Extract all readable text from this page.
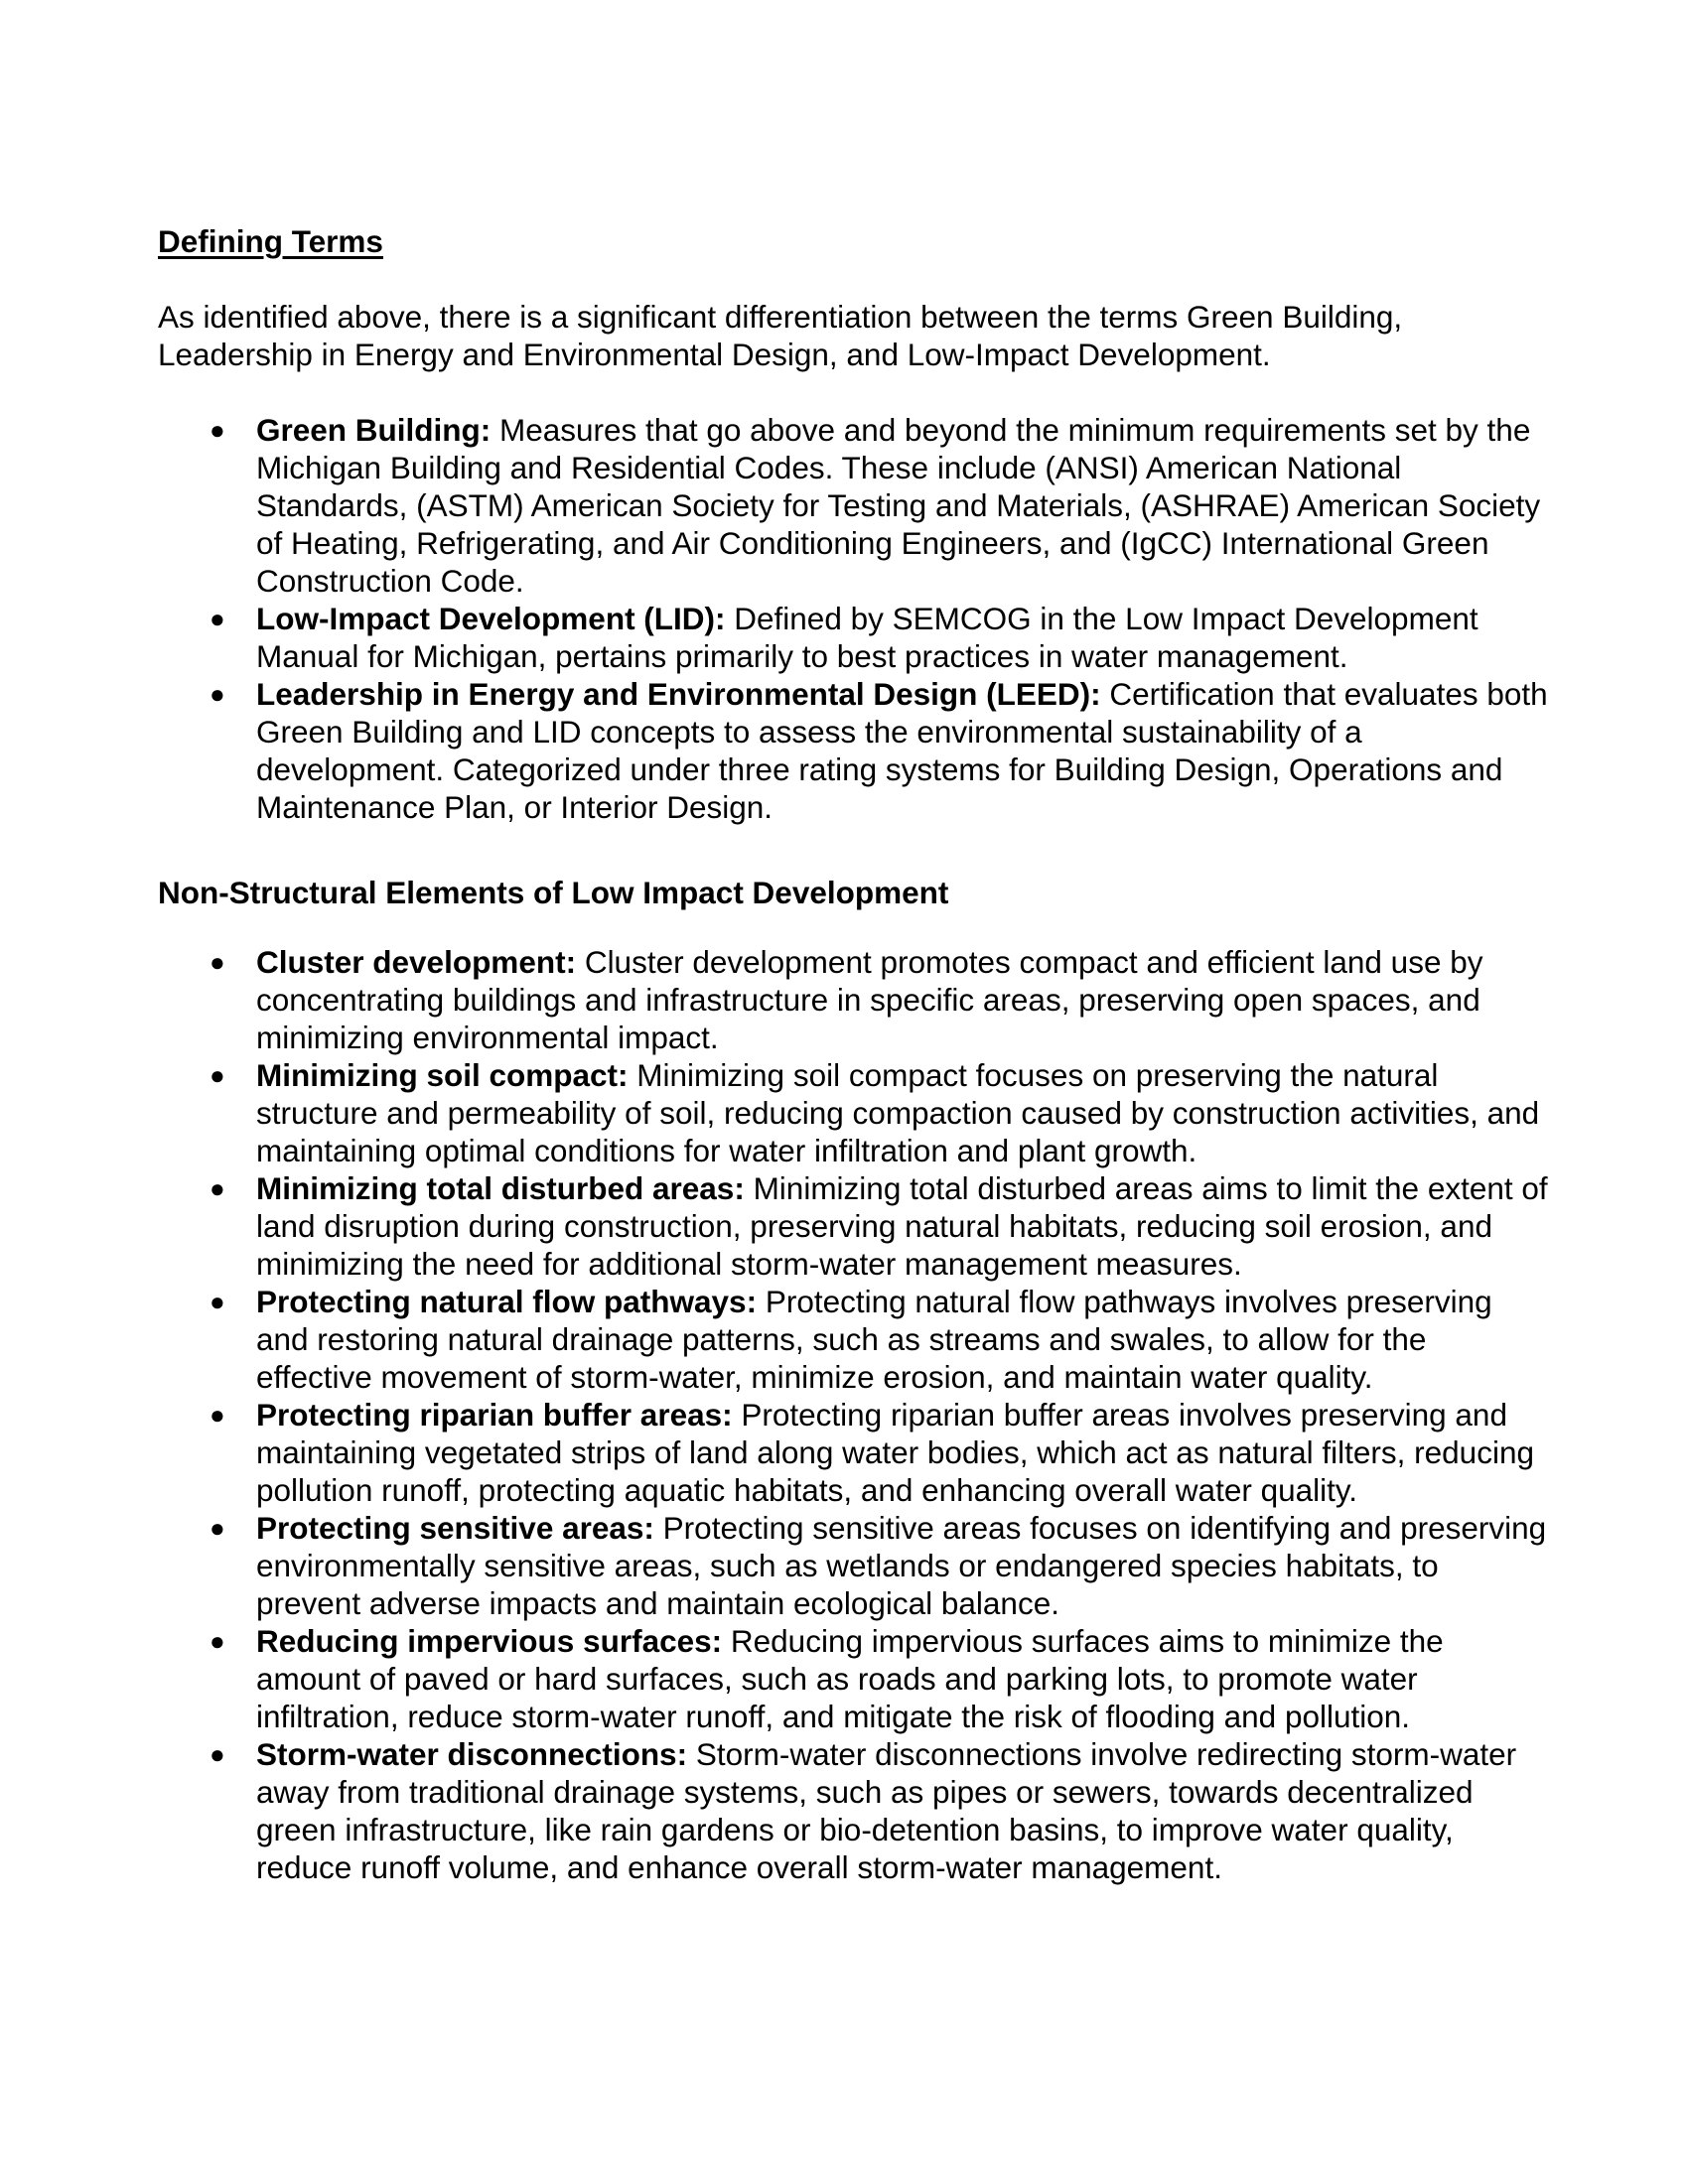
Defining Terms

As identified above, there is a significant differentiation between the terms Green Building, Leadership in Energy and Environmental Design, and Low-Impact Development.

● Green Building: Measures that go above and beyond the minimum requirements set by the Michigan Building and Residential Codes. These include (ANSI) American National Standards, (ASTM) American Society for Testing and Materials, (ASHRAE) American Society of Heating, Refrigerating, and Air Conditioning Engineers, and (IgCC) International Green Construction Code.
● Low-Impact Development (LID): Defined by SEMCOG in the Low Impact Development Manual for Michigan, pertains primarily to best practices in water management.
● Leadership in Energy and Environmental Design (LEED): Certification that evaluates both Green Building and LID concepts to assess the environmental sustainability of a development. Categorized under three rating systems for Building Design, Operations and Maintenance Plan, or Interior Design.

Non-Structural Elements of Low Impact Development

● Cluster development: Cluster development promotes compact and efficient land use by concentrating buildings and infrastructure in specific areas, preserving open spaces, and minimizing environmental impact.
● Minimizing soil compact: Minimizing soil compact focuses on preserving the natural structure and permeability of soil, reducing compaction caused by construction activities, and maintaining optimal conditions for water infiltration and plant growth.
● Minimizing total disturbed areas: Minimizing total disturbed areas aims to limit the extent of land disruption during construction, preserving natural habitats, reducing soil erosion, and minimizing the need for additional storm-water management measures.
● Protecting natural flow pathways: Protecting natural flow pathways involves preserving and restoring natural drainage patterns, such as streams and swales, to allow for the effective movement of storm-water, minimize erosion, and maintain water quality.
● Protecting riparian buffer areas: Protecting riparian buffer areas involves preserving and maintaining vegetated strips of land along water bodies, which act as natural filters, reducing pollution runoff, protecting aquatic habitats, and enhancing overall water quality.
● Protecting sensitive areas: Protecting sensitive areas focuses on identifying and preserving environmentally sensitive areas, such as wetlands or endangered species habitats, to prevent adverse impacts and maintain ecological balance.
● Reducing impervious surfaces: Reducing impervious surfaces aims to minimize the amount of paved or hard surfaces, such as roads and parking lots, to promote water infiltration, reduce storm-water runoff, and mitigate the risk of flooding and pollution.
● Storm-water disconnections: Storm-water disconnections involve redirecting storm-water away from traditional drainage systems, such as pipes or sewers, towards decentralized green infrastructure, like rain gardens or bio-detention basins, to improve water quality, reduce runoff volume, and enhance overall storm-water management.
